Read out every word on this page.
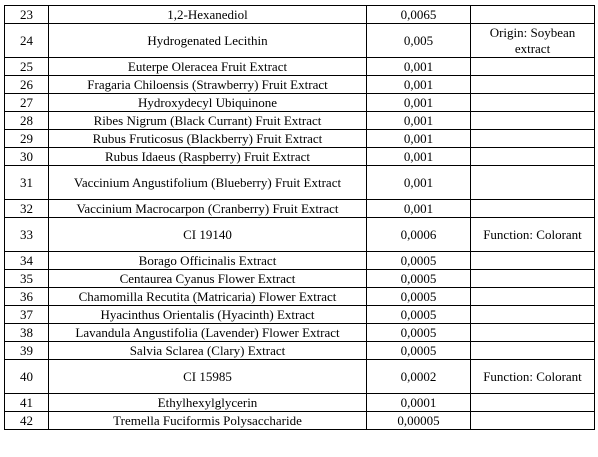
23	1,2-Hexanediol	0,0065	
24	Hydrogenated Lecithin	0,005	Origin: Soybean extract
25	Euterpe Oleracea Fruit Extract	0,001	
26	Fragaria Chiloensis (Strawberry) Fruit Extract	0,001	
27	Hydroxydecyl Ubiquinone	0,001	
28	Ribes Nigrum (Black Currant) Fruit Extract	0,001	
29	Rubus Fruticosus (Blackberry) Fruit Extract	0,001	
30	Rubus Idaeus (Raspberry) Fruit Extract	0,001	
31	Vaccinium Angustifolium (Blueberry) Fruit Extract	0,001	
32	Vaccinium Macrocarpon (Cranberry) Fruit Extract	0,001	
33	CI 19140	0,0006	Function: Colorant
34	Borago Officinalis Extract	0,0005	
35	Centaurea Cyanus Flower Extract	0,0005	
36	Chamomilla Recutita (Matricaria) Flower Extract	0,0005	
37	Hyacinthus Orientalis (Hyacinth) Extract	0,0005	
38	Lavandula Angustifolia (Lavender) Flower Extract	0,0005	
39	Salvia Sclarea (Clary) Extract	0,0005	
40	CI 15985	0,0002	Function: Colorant
41	Ethylhexylglycerin	0,0001	
42	Tremella Fuciformis Polysaccharide	0,00005	
